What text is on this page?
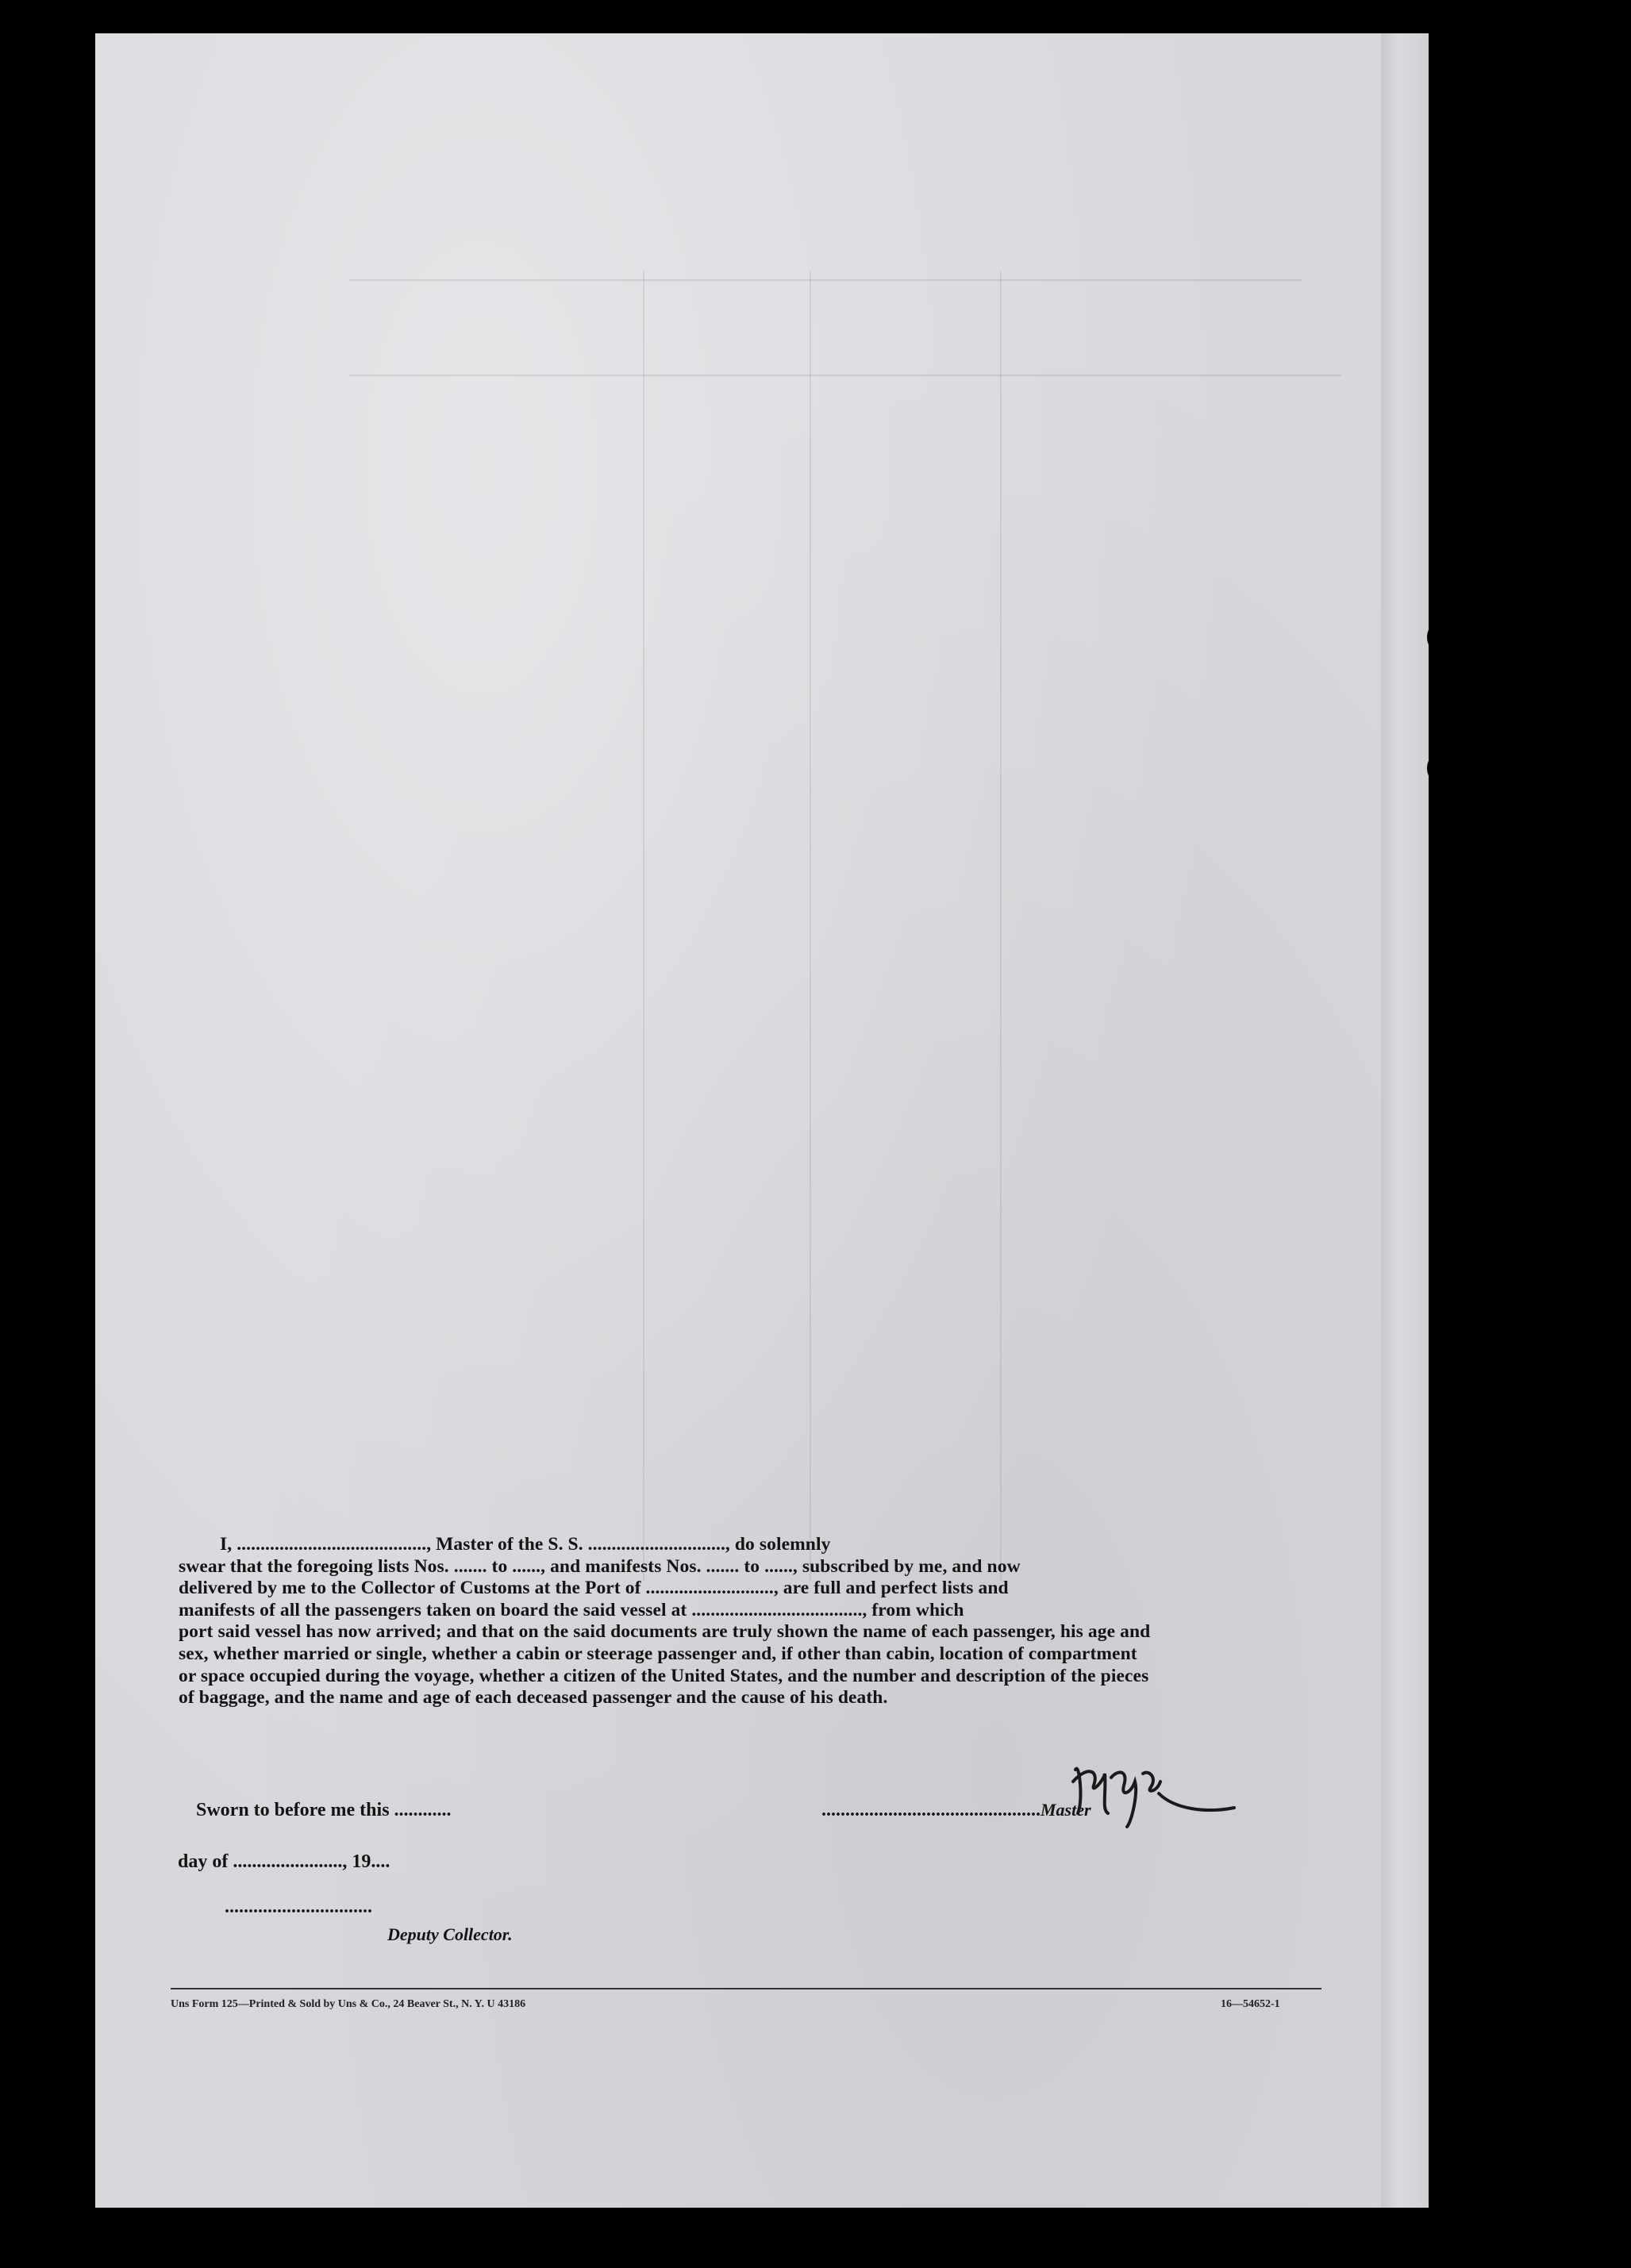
I, ........................................, Master of the S. S. ............................., do solemnly
swear that the foregoing lists Nos. ....... to ......, and manifests Nos. ....... to ......, subscribed by me, and now
delivered by me to the Collector of Customs at the Port of ..........................., are full and perfect lists and
manifests of all the passengers taken on board the said vessel at ...................................., from which
port said vessel has now arrived; and that on the said documents are truly shown the name of each passenger, his age and
sex, whether married or single, whether a cabin or steerage passenger and, if other than cabin, location of compartment
or space occupied during the voyage, whether a citizen of the United States, and the number and description of the pieces
of baggage, and the name and age of each deceased passenger and the cause of his death.
Sworn to before me this ............	..............................................Master
day of ......................., 19....
...............................
Deputy Collector.
Uns Form 125—Printed & Sold by Uns & Co., 24 Beaver St., N. Y. U 43186	16—54652-1
